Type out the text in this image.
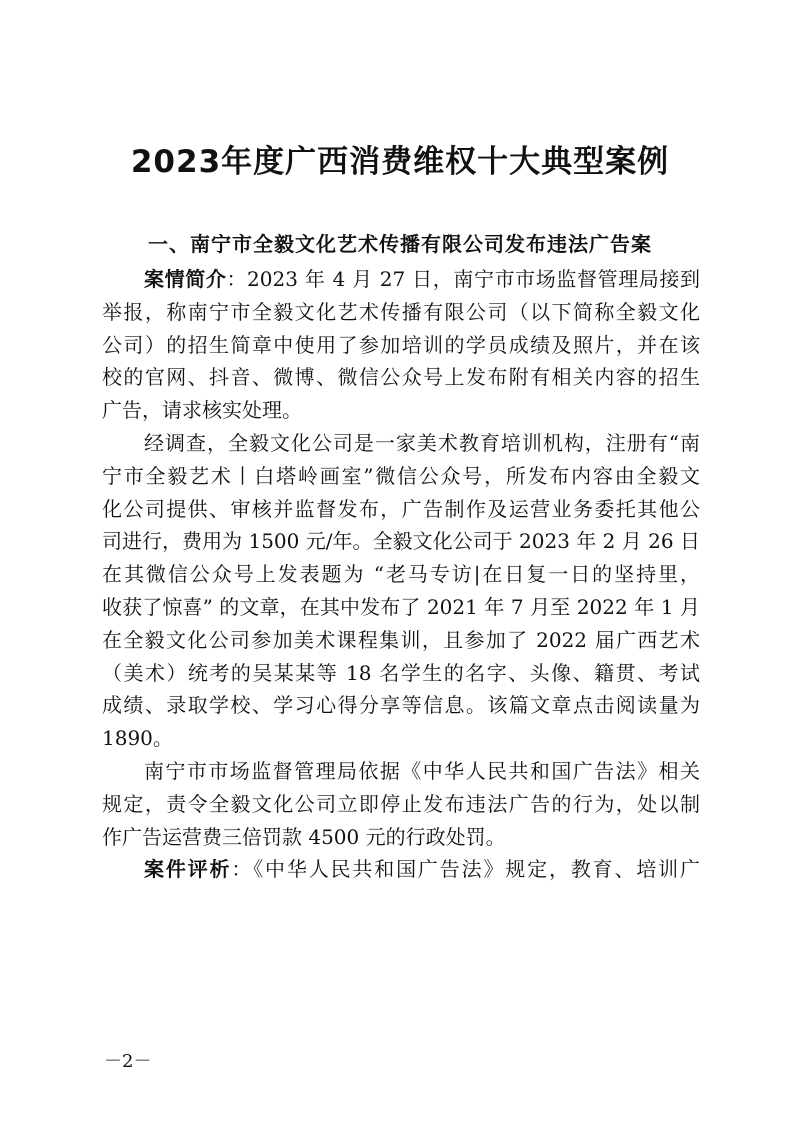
2023年度广西消费维权十大典型案例
一、南宁市全毅文化艺术传播有限公司发布违法广告案
案情简介：2023 年 4 月 27 日，南宁市市场监督管理局接到
举报，称南宁市全毅文化艺术传播有限公司（以下简称全毅文化
公司）的招生简章中使用了参加培训的学员成绩及照片，并在该
校的官网、抖音、微博、微信公众号上发布附有相关内容的招生
广告，请求核实处理。
经调查，全毅文化公司是一家美术教育培训机构，注册有“南
宁市全毅艺术丨白塔岭画室”微信公众号，所发布内容由全毅文
化公司提供、审核并监督发布，广告制作及运营业务委托其他公
司进行，费用为 1500 元/年。全毅文化公司于 2023 年 2 月 26 日
在其微信公众号上发表题为 “老马专访|在日复一日的坚持里，
收获了惊喜” 的文章，在其中发布了 2021 年 7 月至 2022 年 1 月
在全毅文化公司参加美术课程集训，且参加了 2022 届广西艺术
（美术）统考的吴某某等 18 名学生的名字、头像、籍贯、考试
成绩、录取学校、学习心得分享等信息。该篇文章点击阅读量为
1890。
南宁市市场监督管理局依据《中华人民共和国广告法》相关
规定，责令全毅文化公司立即停止发布违法广告的行为，处以制
作广告运营费三倍罚款 4500 元的行政处罚。
案件评析：《中华人民共和国广告法》规定，教育、培训广
－2－
